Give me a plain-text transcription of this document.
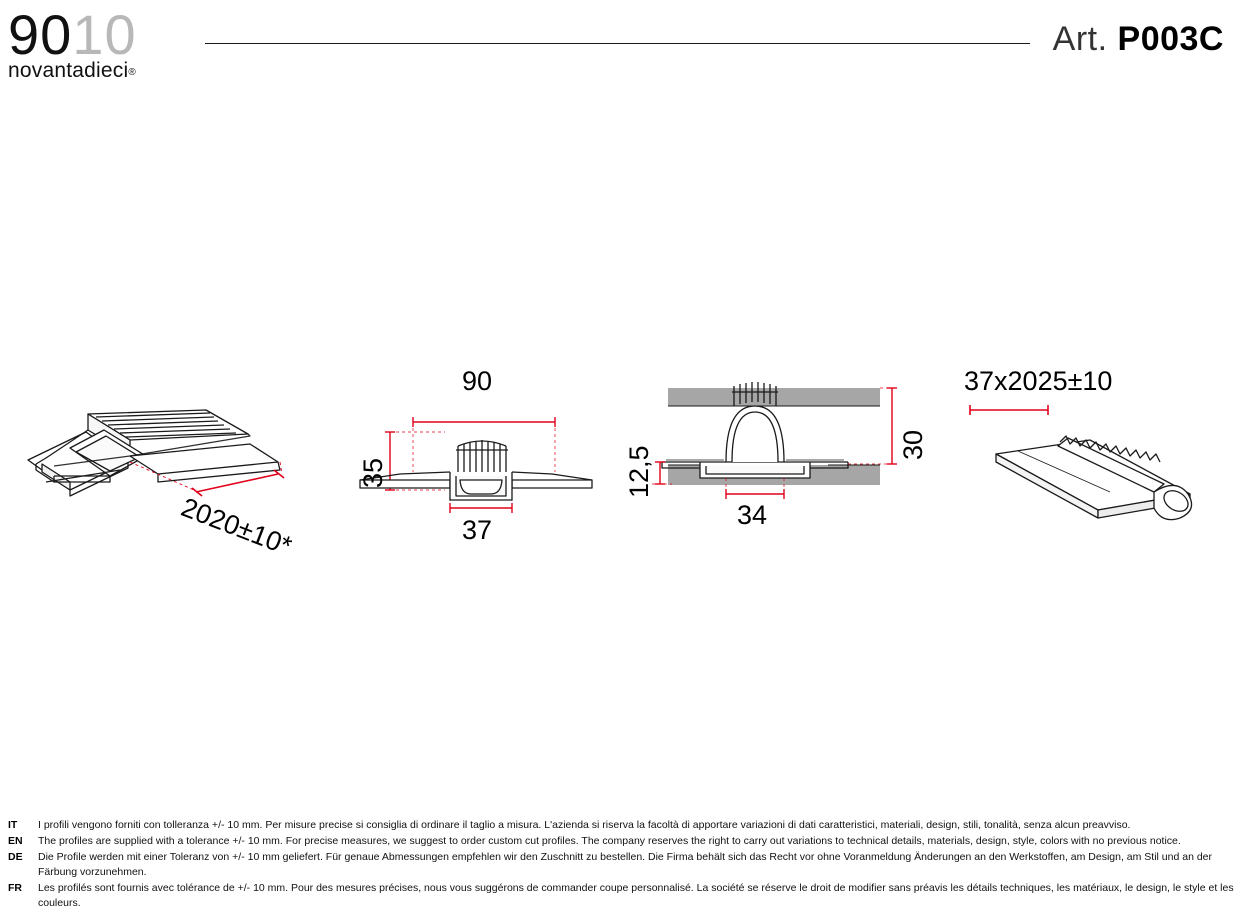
9010
novantadieci®
Art. P003C
2020±10*
90
35
37
30
12,5
34
37x2025±10
IT	I profili vengono forniti con tolleranza +/- 10 mm. Per misure precise si consiglia di ordinare il taglio a misura. L'azienda si riserva la facoltà di apportare variazioni di dati caratteristici, materiali, design, stili, tonalità, senza alcun preavviso.
EN	The profiles are supplied with a tolerance +/- 10 mm. For precise measures, we suggest to order custom cut profiles. The company reserves the right to carry out variations to technical details, materials, design, style, colors with no previous notice.
DE	Die Profile werden mit einer Toleranz von +/- 10 mm geliefert. Für genaue Abmessungen empfehlen wir den Zuschnitt zu bestellen. Die Firma behält sich das Recht vor ohne Voranmeldung Änderungen an den Werkstoffen, am Design, am Stil und an der Färbung vorzunehmen.
FR	Les profilés sont fournis avec tolérance de +/- 10 mm. Pour des mesures précises, nous vous suggérons de commander coupe personnalisé. La société se réserve le droit de modifier sans préavis les détails techniques, les matériaux, le design, le style et les couleurs.
